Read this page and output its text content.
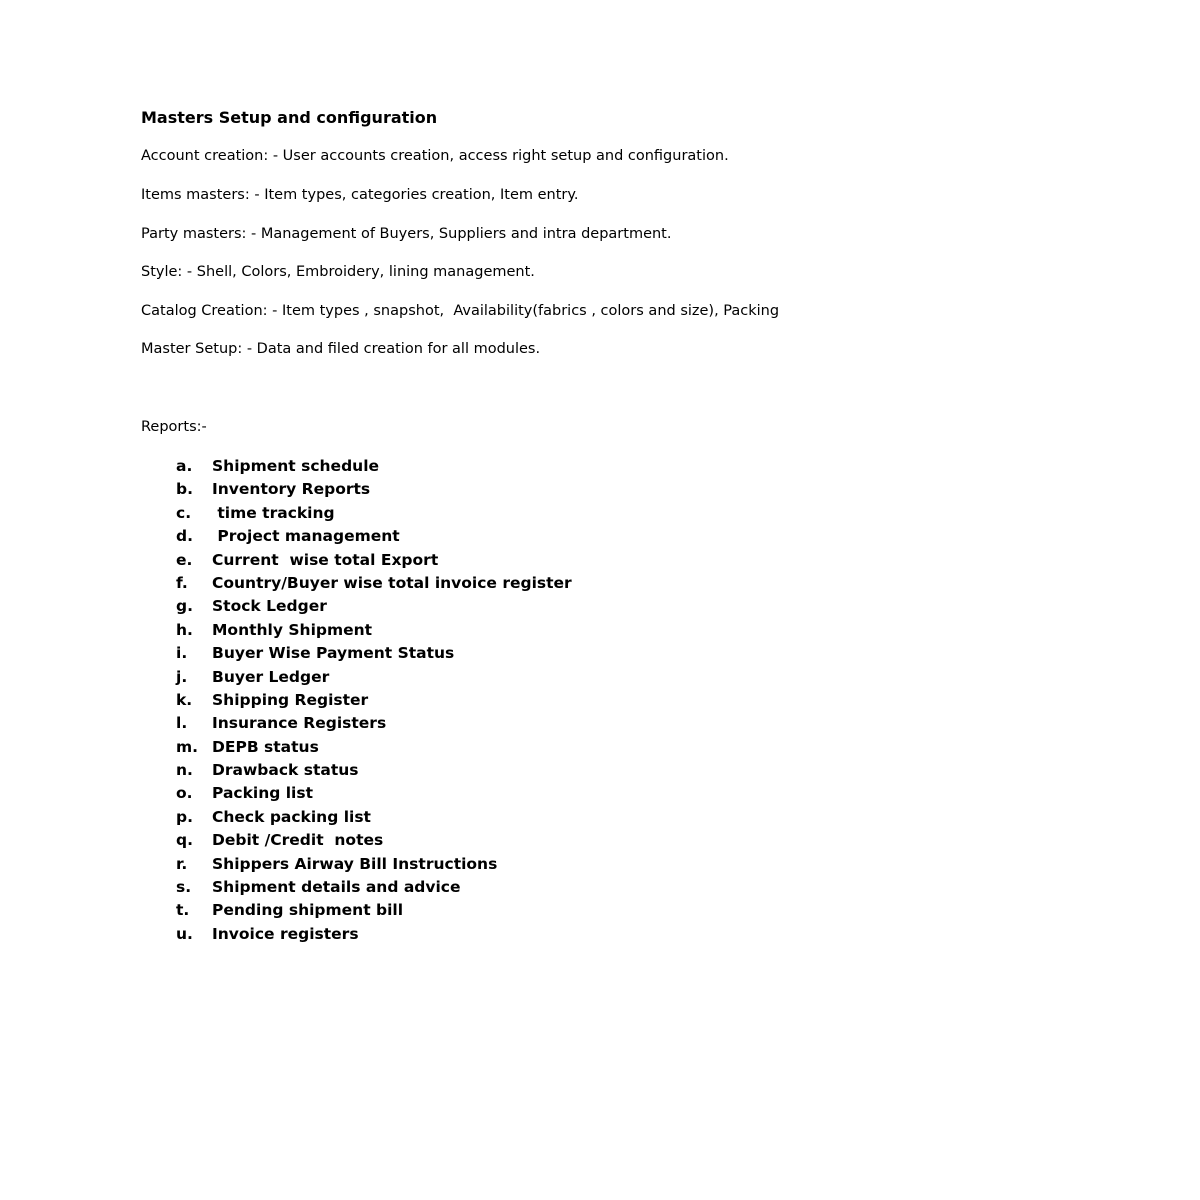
Masters Setup and configuration
Account creation: - User accounts creation, access right setup and configuration.
Items masters: - Item types, categories creation, Item entry.
Party masters: - Management of Buyers, Suppliers and intra department.
Style: - Shell, Colors, Embroidery, lining management.
Catalog Creation: - Item types , snapshot,  Availability(fabrics , colors and size), Packing
Master Setup: - Data and filed creation for all modules.
Reports:-
a.	Shipment schedule
b.	Inventory Reports
c.	time tracking
d.	Project management
e.	Current  wise total Export
f.	Country/Buyer wise total invoice register
g.	Stock Ledger
h.	Monthly Shipment
i.	Buyer Wise Payment Status
j.	Buyer Ledger
k.	Shipping Register
l.	Insurance Registers
m. DEPB status
n.	Drawback status
o.	Packing list
p.	Check packing list
q.	Debit /Credit  notes
r.	Shippers Airway Bill Instructions
s.	Shipment details and advice
t.	Pending shipment bill
u.	Invoice registers
